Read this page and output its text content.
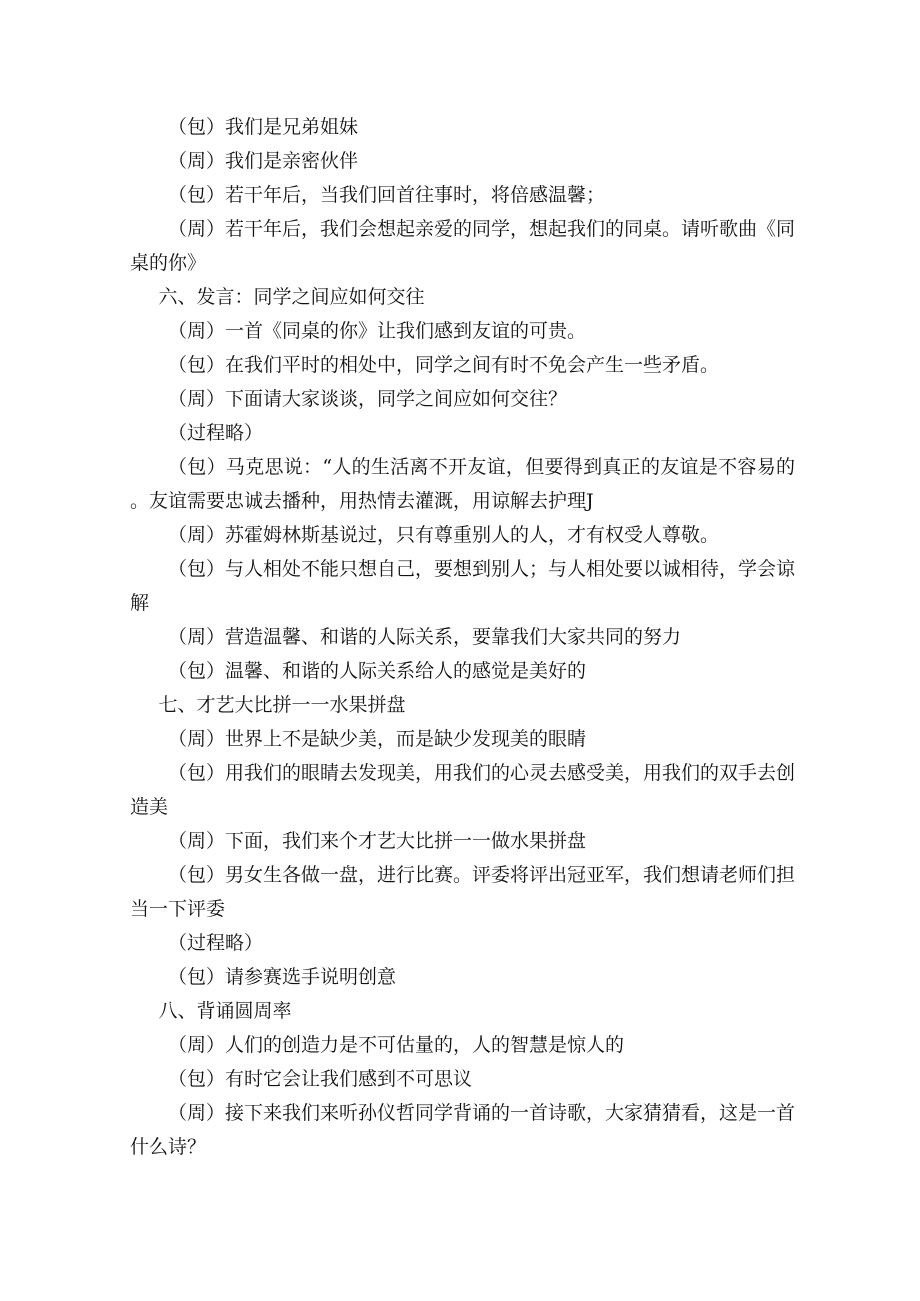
（包）我们是兄弟姐妹

（周）我们是亲密伙伴

（包）若干年后，当我们回首往事时，将倍感温馨；

（周）若干年后，我们会想起亲爱的同学，想起我们的同桌。请听歌曲《同桌的你》

六、发言：同学之间应如何交往

（周）一首《同桌的你》让我们感到友谊的可贵。

（包）在我们平时的相处中，同学之间有时不免会产生一些矛盾。

（周）下面请大家谈谈，同学之间应如何交往？

（过程略）

（包）马克思说：“人的生活离不开友谊，但要得到真正的友谊是不容易的。友谊需要忠诚去播种，用热情去灌溉，用谅解去护理J

（周）苏霍姆林斯基说过，只有尊重别人的人，才有权受人尊敬。

（包）与人相处不能只想自己，要想到别人；与人相处要以诚相待，学会谅解

（周）营造温馨、和谐的人际关系，要靠我们大家共同的努力

（包）温馨、和谐的人际关系给人的感觉是美好的

七、才艺大比拼一一水果拼盘

（周）世界上不是缺少美，而是缺少发现美的眼睛

（包）用我们的眼睛去发现美，用我们的心灵去感受美，用我们的双手去创造美

（周）下面，我们来个才艺大比拼一一做水果拼盘

（包）男女生各做一盘，进行比赛。评委将评出冠亚军，我们想请老师们担当一下评委

（过程略）

（包）请参赛选手说明创意

八、背诵圆周率

（周）人们的创造力是不可估量的，人的智慧是惊人的

（包）有时它会让我们感到不可思议

（周）接下来我们来听孙仪哲同学背诵的一首诗歌，大家猜猜看，这是一首什么诗？
